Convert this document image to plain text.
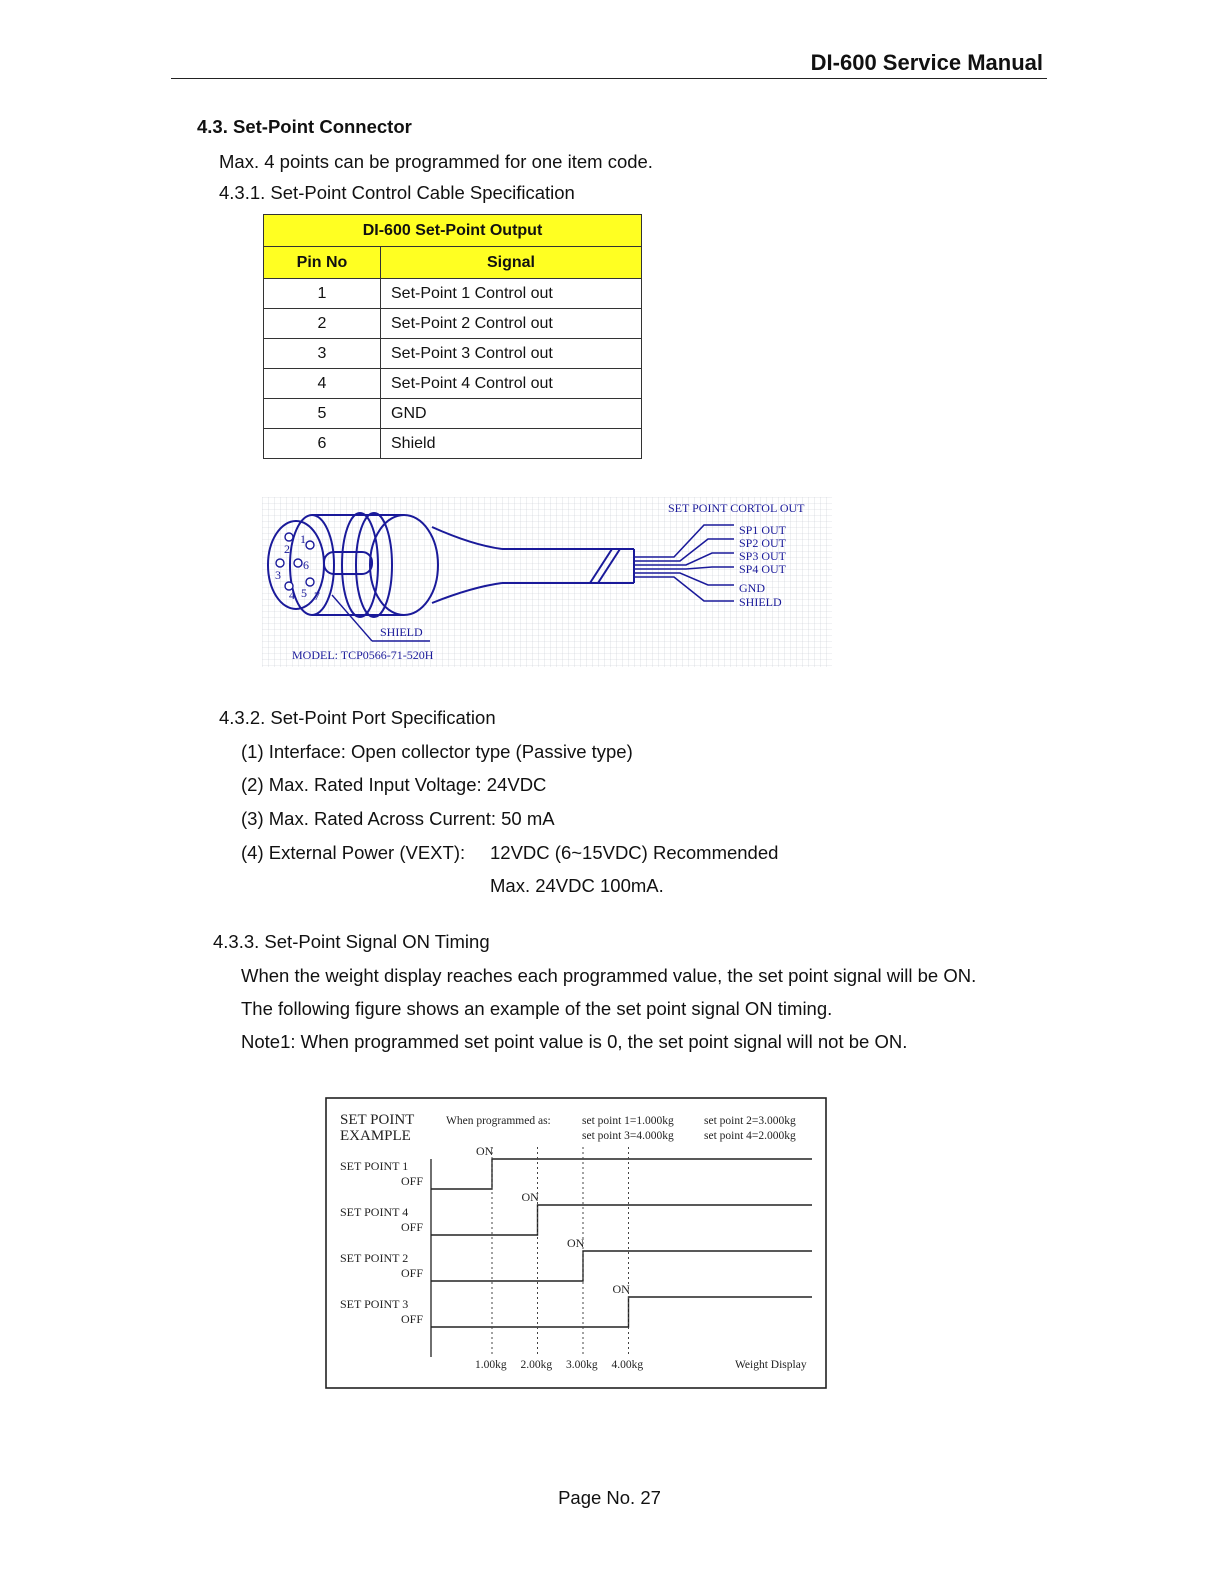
DI-600 Service Manual
4.3. Set-Point Connector
Max. 4 points can be programmed for one item code.
4.3.1. Set-Point Control Cable Specification
DI-600 Set-Point Output	
Pin No	Signal
1	Set-Point 1 Control out
2	Set-Point 2 Control out
3	Set-Point 3 Control out
4	Set-Point 4 Control out
5	GND
6	Shield
1
2
3
4 5
6
7
SET POINT CORTOL OUT
SP1 OUT
SP2 OUT
SP3 OUT
SP4 OUT
GND
SHIELD
SHIELD
MODEL: TCP0566-71-520H
4.3.2. Set-Point Port Specification
(1) Interface: Open collector type (Passive type)
(2) Max. Rated Input Voltage: 24VDC
(3) Max. Rated Across Current: 50 mA
(4) External Power (VEXT): 12VDC (6~15VDC) Recommended
Max. 24VDC 100mA.
4.3.3. Set-Point Signal ON Timing
When the weight display reaches each programmed value, the set point signal will be ON.
The following figure shows an example of the set point signal ON timing.
Note1: When programmed set point value is 0, the set point signal will not be ON.
SET POINT
EXAMPLE
When programmed as:	set point 1=1.000kg	set point 2=3.000kg
set point 3=4.000kg	set point 4=2.000kg
Weight Display
SET POINT 1
OFF
ON
SET POINT 4
OFF
ON
SET POINT 2
OFF
ON
SET POINT 3
OFF
ON
1.00kg 2.00kg 3.00kg 4.00kg
Page No. 27
